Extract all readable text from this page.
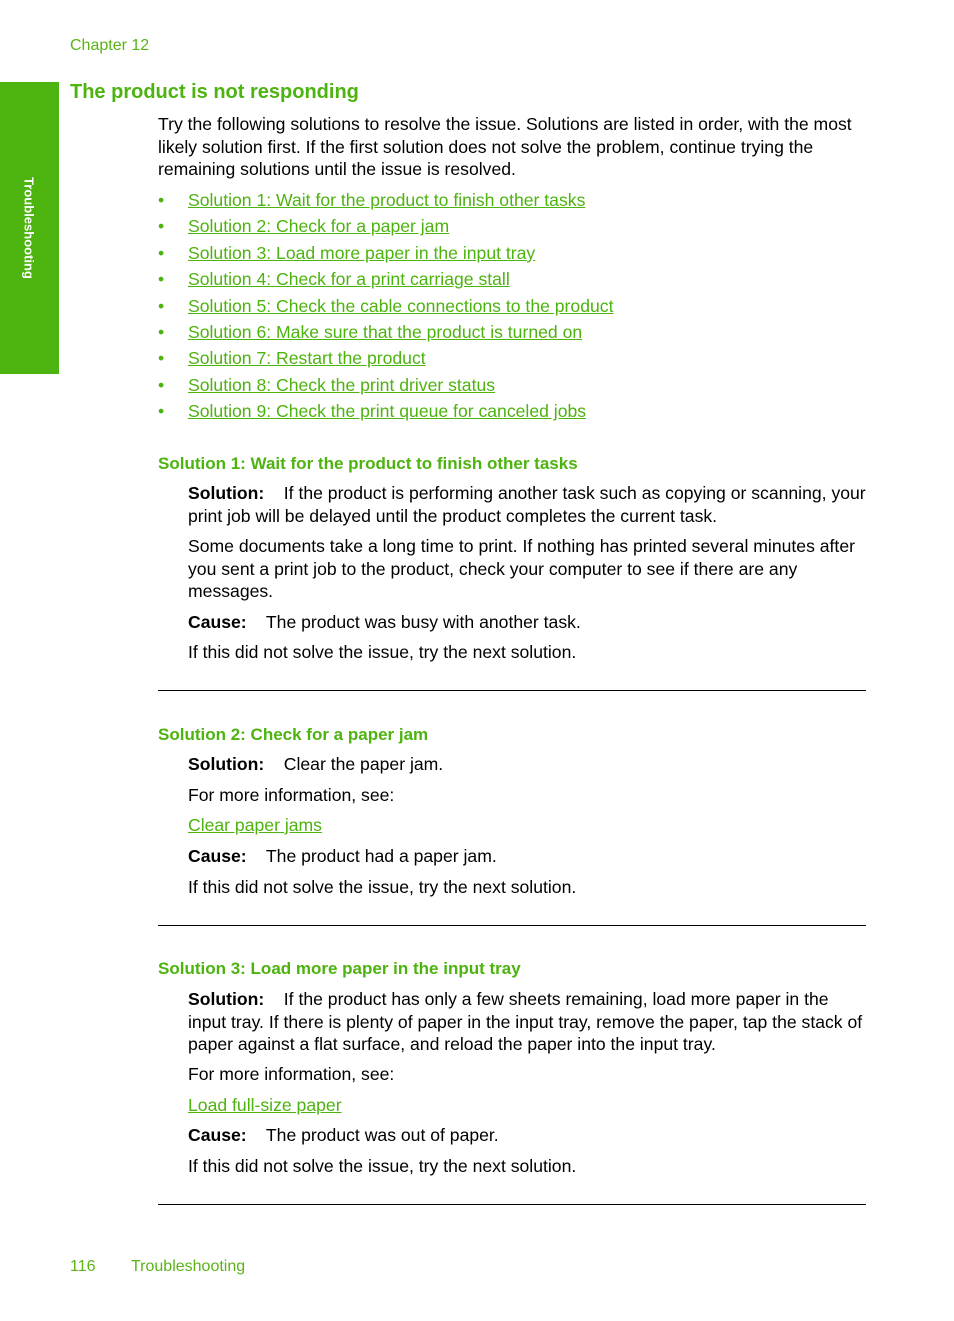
Chapter 12
Troubleshooting
The product is not responding
Try the following solutions to resolve the issue. Solutions are listed in order, with the most likely solution first. If the first solution does not solve the problem, continue trying the remaining solutions until the issue is resolved.
• Solution 1: Wait for the product to finish other tasks
• Solution 2: Check for a paper jam
• Solution 3: Load more paper in the input tray
• Solution 4: Check for a print carriage stall
• Solution 5: Check the cable connections to the product
• Solution 6: Make sure that the product is turned on
• Solution 7: Restart the product
• Solution 8: Check the print driver status
• Solution 9: Check the print queue for canceled jobs
Solution 1: Wait for the product to finish other tasks
Solution: If the product is performing another task such as copying or scanning, your print job will be delayed until the product completes the current task.
Some documents take a long time to print. If nothing has printed several minutes after you sent a print job to the product, check your computer to see if there are any messages.
Cause: The product was busy with another task.
If this did not solve the issue, try the next solution.
Solution 2: Check for a paper jam
Solution: Clear the paper jam.
For more information, see:
Clear paper jams
Cause: The product had a paper jam.
If this did not solve the issue, try the next solution.
Solution 3: Load more paper in the input tray
Solution: If the product has only a few sheets remaining, load more paper in the input tray. If there is plenty of paper in the input tray, remove the paper, tap the stack of paper against a flat surface, and reload the paper into the input tray.
For more information, see:
Load full-size paper
Cause: The product was out of paper.
If this did not solve the issue, try the next solution.
116 Troubleshooting
